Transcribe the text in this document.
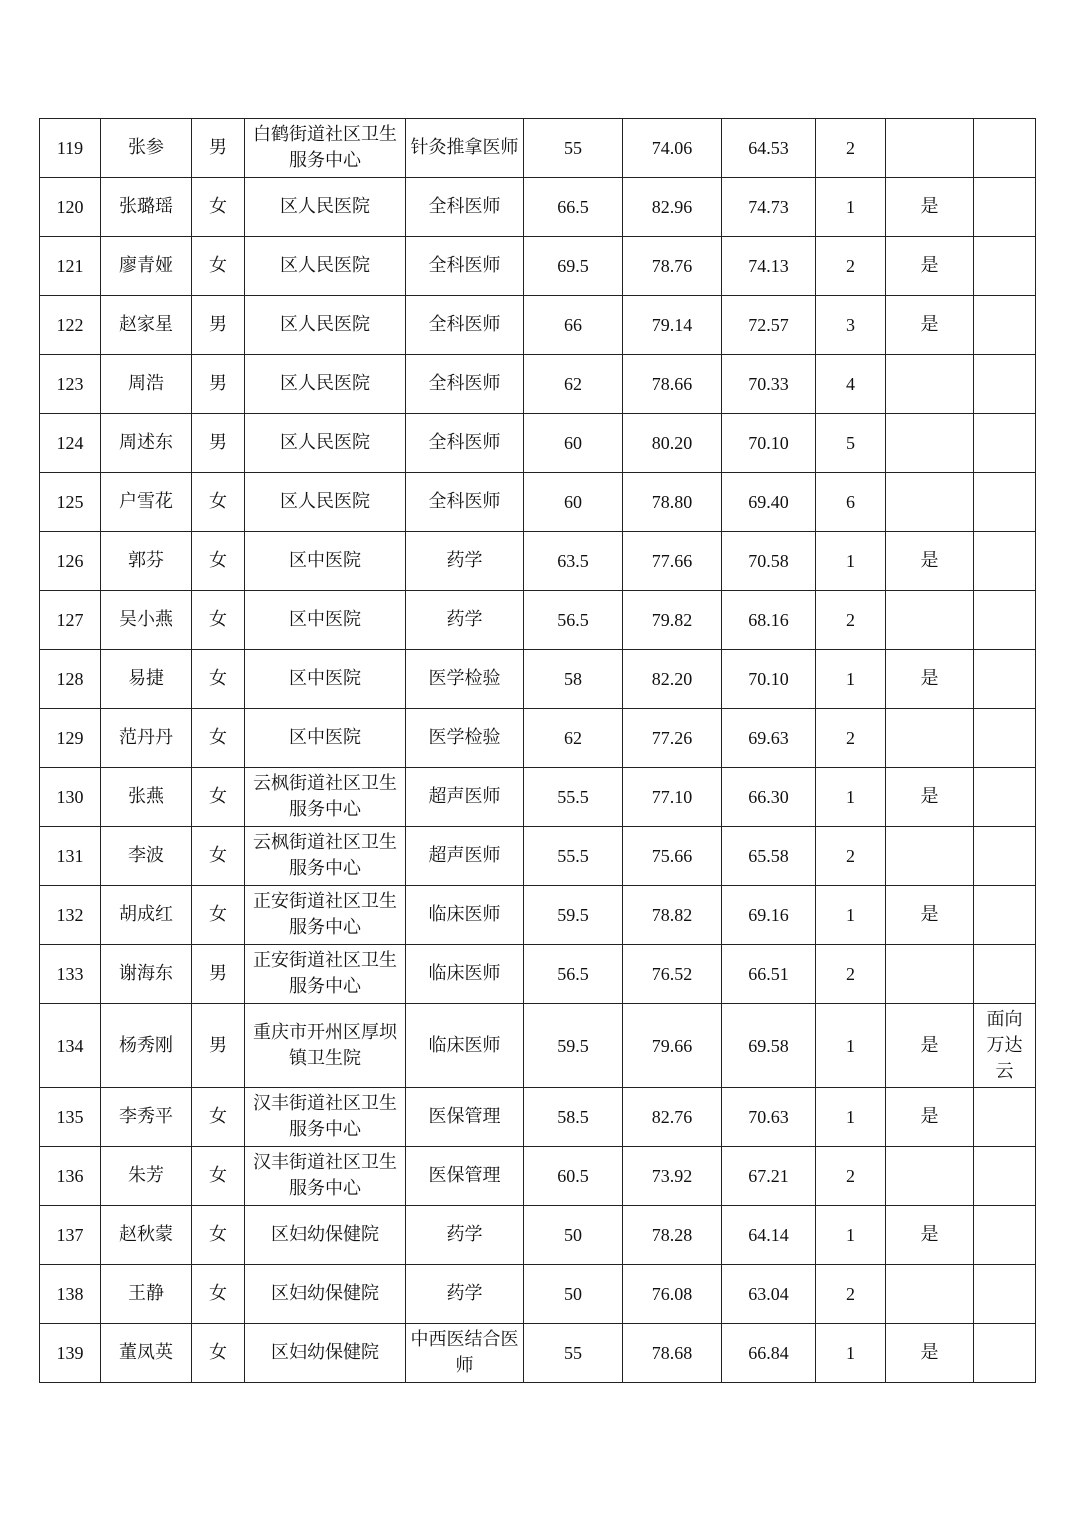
119	张参	男	白鹤街道社区卫生服务中心	针灸推拿医师	55	74.06	64.53	2		
120	张璐瑶	女	区人民医院	全科医师	66.5	82.96	74.73	1	是	
121	廖青娅	女	区人民医院	全科医师	69.5	78.76	74.13	2	是	
122	赵家星	男	区人民医院	全科医师	66	79.14	72.57	3	是	
123	周浩	男	区人民医院	全科医师	62	78.66	70.33	4		
124	周述东	男	区人民医院	全科医师	60	80.20	70.10	5		
125	户雪花	女	区人民医院	全科医师	60	78.80	69.40	6		
126	郭芬	女	区中医院	药学	63.5	77.66	70.58	1	是	
127	吴小燕	女	区中医院	药学	56.5	79.82	68.16	2		
128	易捷	女	区中医院	医学检验	58	82.20	70.10	1	是	
129	范丹丹	女	区中医院	医学检验	62	77.26	69.63	2		
130	张燕	女	云枫街道社区卫生服务中心	超声医师	55.5	77.10	66.30	1	是	
131	李波	女	云枫街道社区卫生服务中心	超声医师	55.5	75.66	65.58	2		
132	胡成红	女	正安街道社区卫生服务中心	临床医师	59.5	78.82	69.16	1	是	
133	谢海东	男	正安街道社区卫生服务中心	临床医师	56.5	76.52	66.51	2		
134	杨秀刚	男	重庆市开州区厚坝镇卫生院	临床医师	59.5	79.66	69.58	1	是	面向万达云
135	李秀平	女	汉丰街道社区卫生服务中心	医保管理	58.5	82.76	70.63	1	是	
136	朱芳	女	汉丰街道社区卫生服务中心	医保管理	60.5	73.92	67.21	2		
137	赵秋蒙	女	区妇幼保健院	药学	50	78.28	64.14	1	是	
138	王静	女	区妇幼保健院	药学	50	76.08	63.04	2		
139	董凤英	女	区妇幼保健院	中西医结合医师	55	78.68	66.84	1	是	
